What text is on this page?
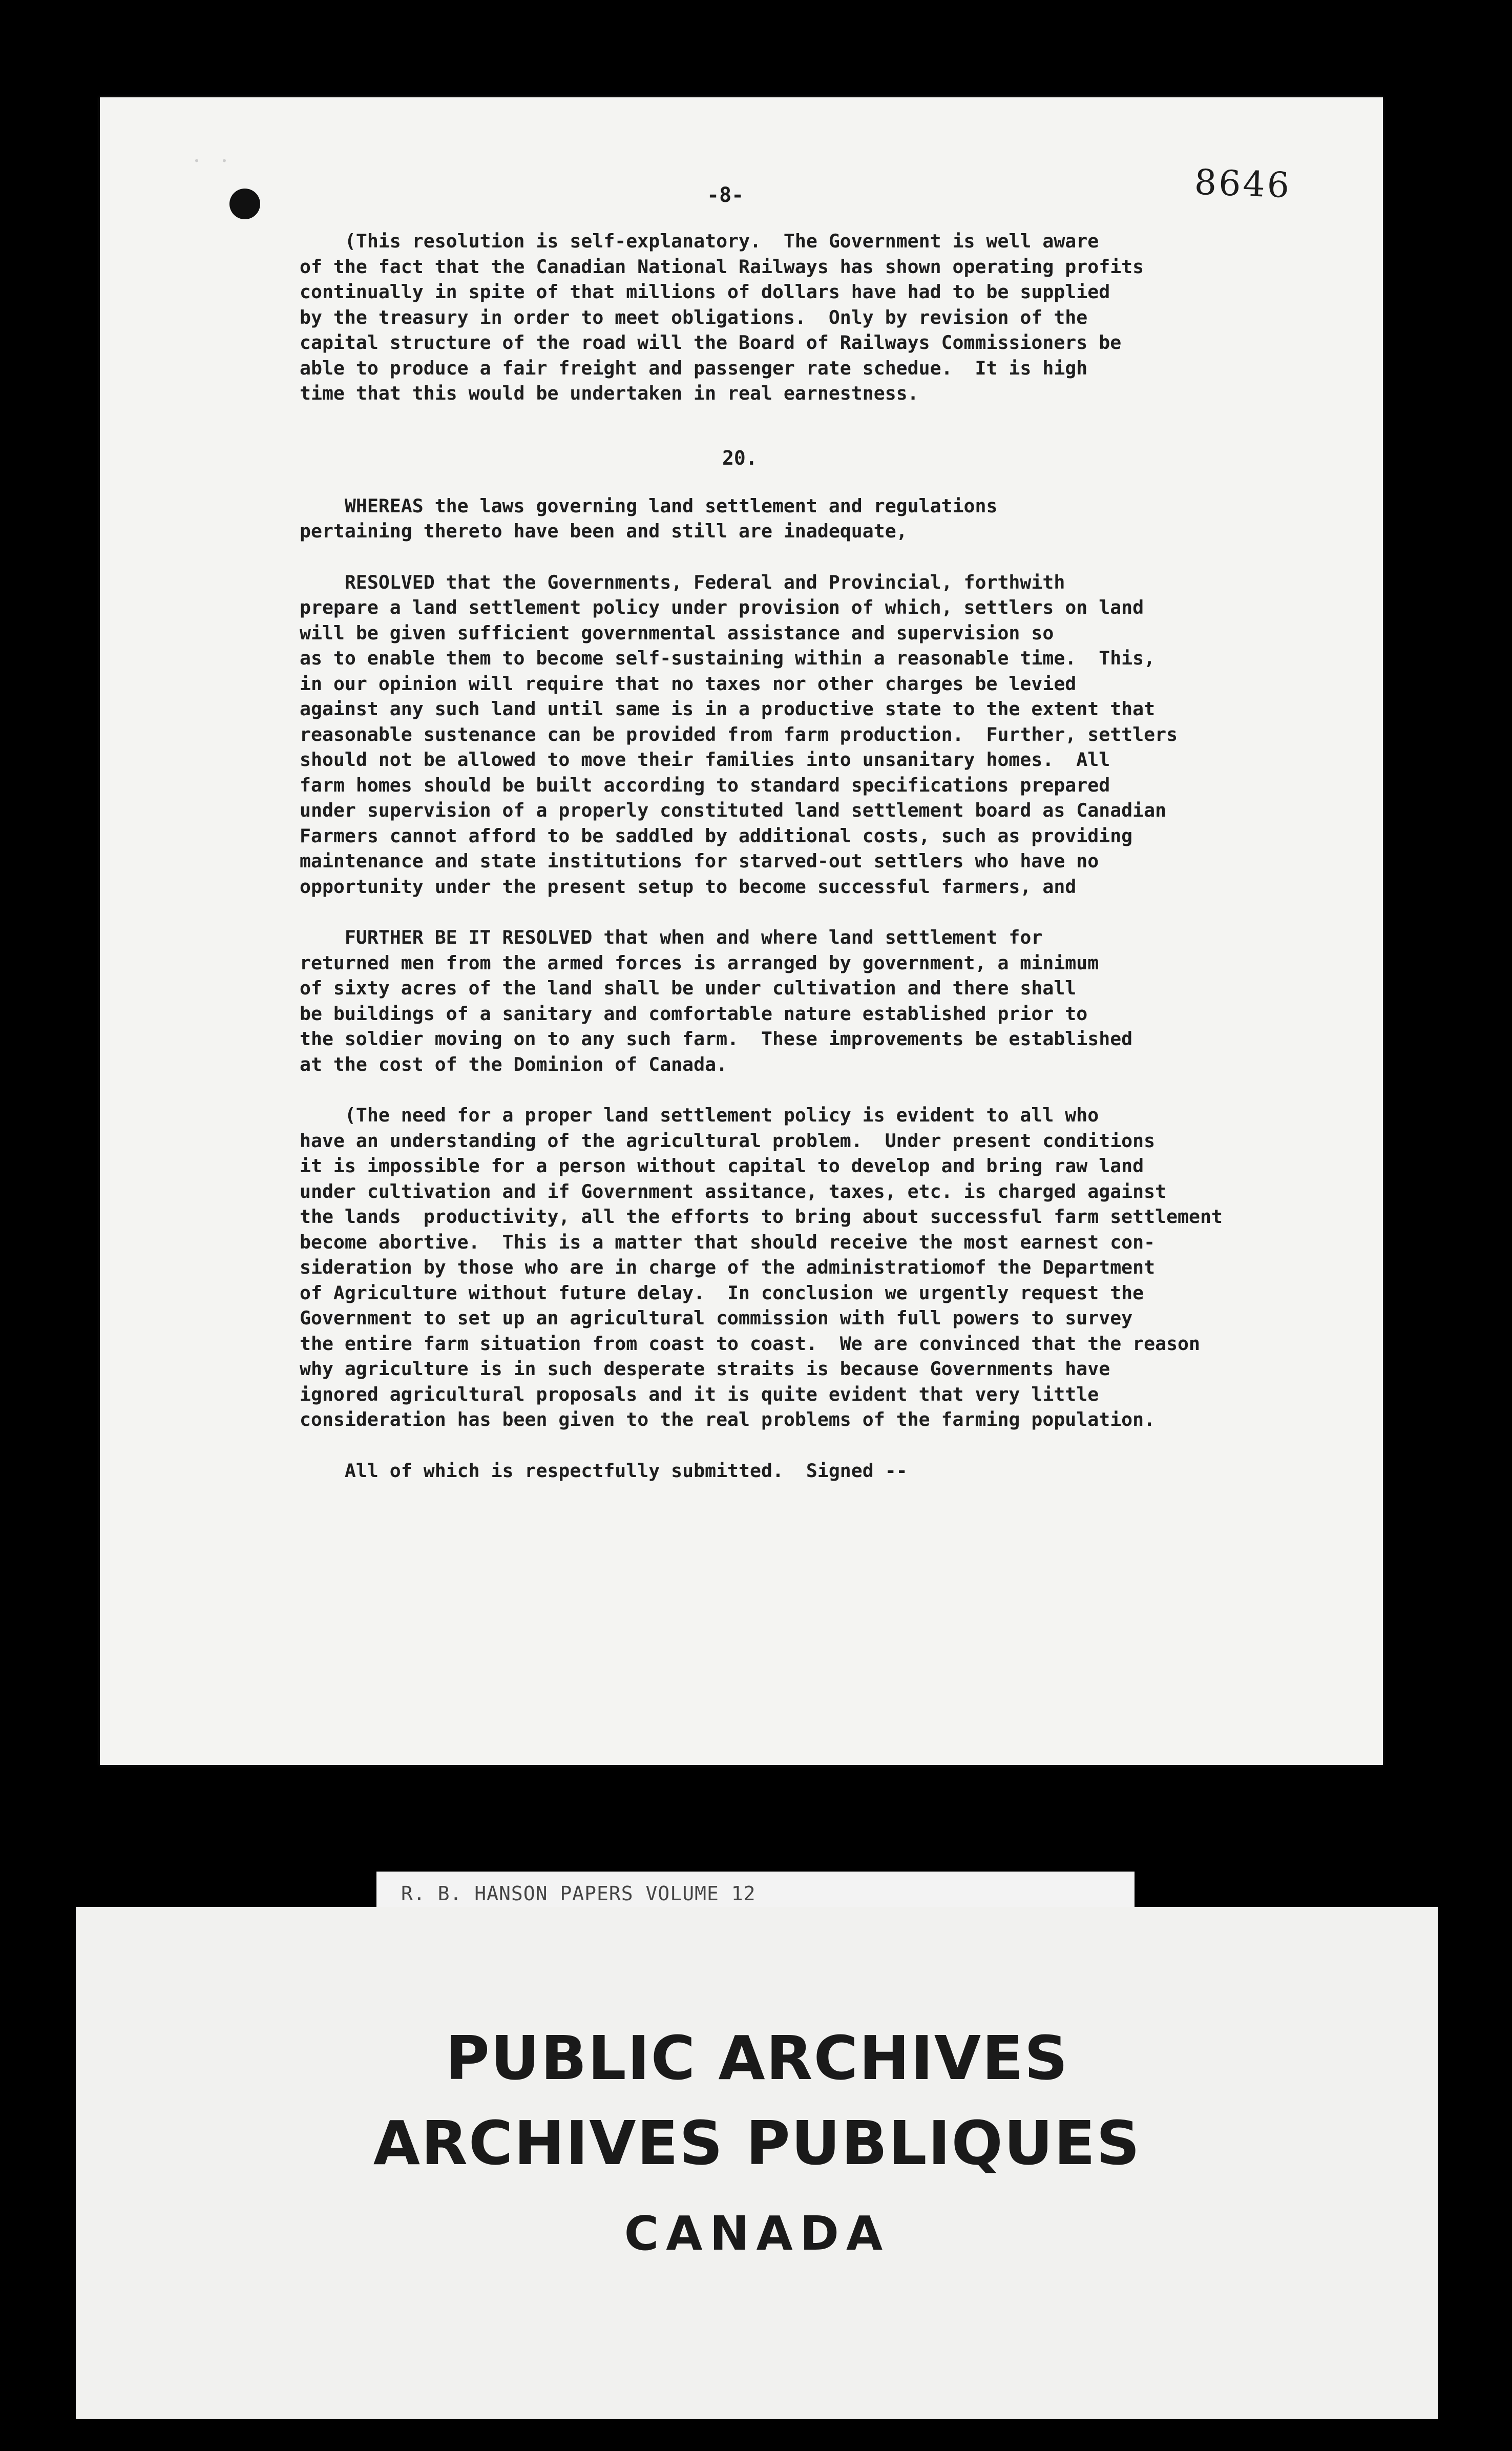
• •
-8-	8646
(This resolution is self-explanatory.  The Government is well aware
of the fact that the Canadian National Railways has shown operating profits
continually in spite of that millions of dollars have had to be supplied
by the treasury in order to meet obligations.  Only by revision of the
capital structure of the road will the Board of Railways Commissioners be
able to produce a fair freight and passenger rate schedue.  It is high
time that this would be undertaken in real earnestness.
WHEREAS the laws governing land settlement and regulations
pertaining thereto have been and still are inadequate,
RESOLVED that the Governments, Federal and Provincial, forthwith
prepare a land settlement policy under provision of which, settlers on land
will be given sufficient governmental assistance and supervision so
as to enable them to become self-sustaining within a reasonable time.  This,
in our opinion will require that no taxes nor other charges be levied
against any such land until same is in a productive state to the extent that
reasonable sustenance can be provided from farm production.  Further, settlers
should not be allowed to move their families into unsanitary homes.  All
farm homes should be built according to standard specifications prepared
under supervision of a properly constituted land settlement board as Canadian
Farmers cannot afford to be saddled by additional costs, such as providing
maintenance and state institutions for starved-out settlers who have no
opportunity under the present setup to become successful farmers, and
FURTHER BE IT RESOLVED that when and where land settlement for
returned men from the armed forces is arranged by government, a minimum
of sixty acres of the land shall be under cultivation and there shall
be buildings of a sanitary and comfortable nature established prior to
the soldier moving on to any such farm.  These improvements be established
at the cost of the Dominion of Canada.
(The need for a proper land settlement policy is evident to all who
have an understanding of the agricultural problem.  Under present conditions
it is impossible for a person without capital to develop and bring raw land
under cultivation and if Government assitance, taxes, etc. is charged against
the lands  productivity, all the efforts to bring about successful farm settlement
become abortive.  This is a matter that should receive the most earnest con-
sideration by those who are in charge of the administratiomof the Department
of Agriculture without future delay.  In conclusion we urgently request the
Government to set up an agricultural commission with full powers to survey
the entire farm situation from coast to coast.  We are convinced that the reason
why agriculture is in such desperate straits is because Governments have
ignored agricultural proposals and it is quite evident that very little
consideration has been given to the real problems of the farming population.
All of which is respectfully submitted.  Signed --
20.
R. B. HANSON PAPERS VOLUME 12
PUBLIC ARCHIVES
ARCHIVES PUBLIQUES
CANADA
